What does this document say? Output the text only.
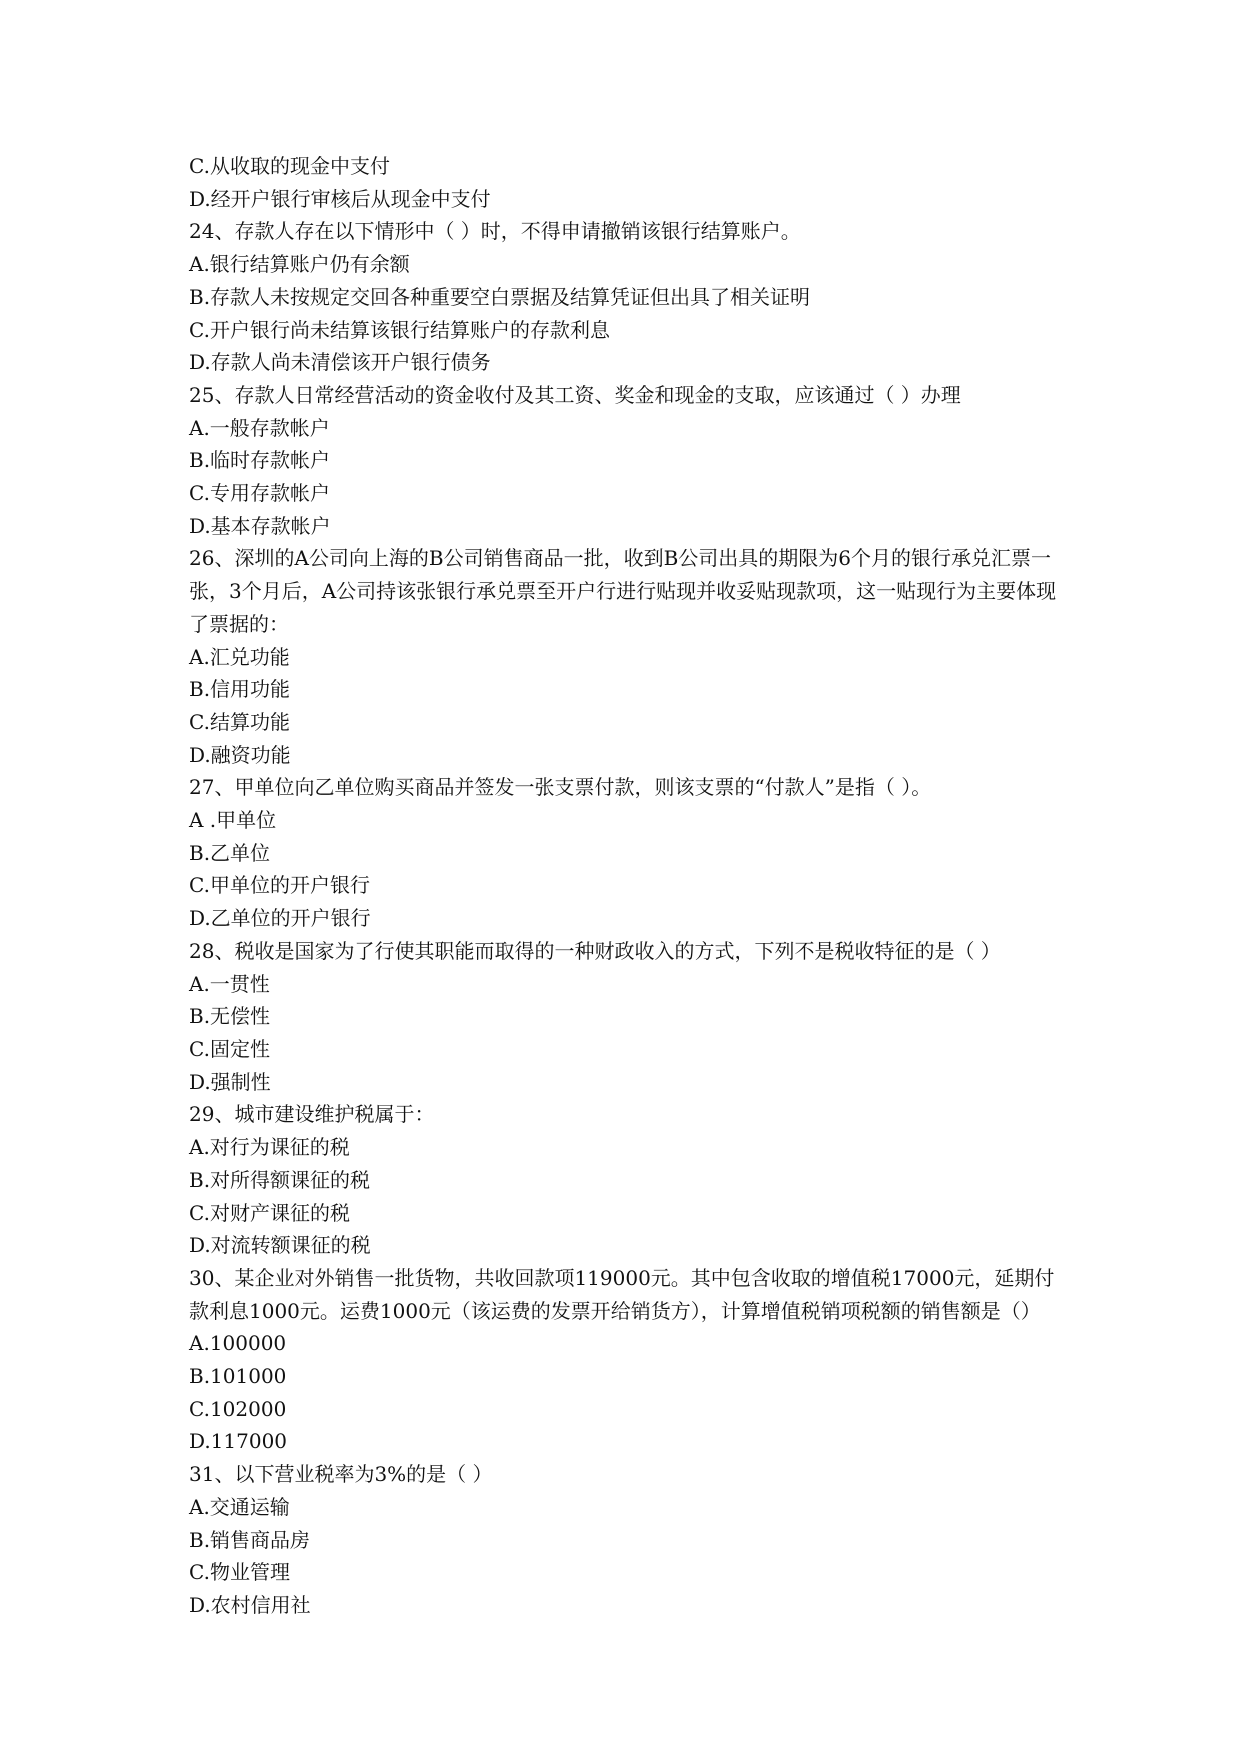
C.从收取的现金中支付
D.经开户银行审核后从现金中支付
24、存款人存在以下情形中（ ）时，不得申请撤销该银行结算账户。
A.银行结算账户仍有余额
B.存款人未按规定交回各种重要空白票据及结算凭证但出具了相关证明
C.开户银行尚未结算该银行结算账户的存款利息
D.存款人尚未清偿该开户银行债务
25、存款人日常经营活动的资金收付及其工资、奖金和现金的支取，应该通过（ ）办理
A.一般存款帐户
B.临时存款帐户
C.专用存款帐户
D.基本存款帐户
26、深圳的A公司向上海的B公司销售商品一批，收到B公司出具的期限为6个月的银行承兑汇票一张，3个月后，A公司持该张银行承兑票至开户行进行贴现并收妥贴现款项，这一贴现行为主要体现了票据的：
A.汇兑功能
B.信用功能
C.结算功能
D.融资功能
27、甲单位向乙单位购买商品并签发一张支票付款，则该支票的“付款人”是指（ ）。
A .甲单位
B.乙单位
C.甲单位的开户银行
D.乙单位的开户银行
28、税收是国家为了行使其职能而取得的一种财政收入的方式，下列不是税收特征的是（ ）
A.一贯性
B.无偿性
C.固定性
D.强制性
29、城市建设维护税属于：
A.对行为课征的税
B.对所得额课征的税
C.对财产课征的税
D.对流转额课征的税
30、某企业对外销售一批货物，共收回款项119000元。其中包含收取的增值税17000元，延期付款利息1000元。运费1000元（该运费的发票开给销货方），计算增值税销项税额的销售额是（）
A.100000
B.101000
C.102000
D.117000
31、以下营业税率为3%的是（ ）
A.交通运输
B.销售商品房
C.物业管理
D.农村信用社
